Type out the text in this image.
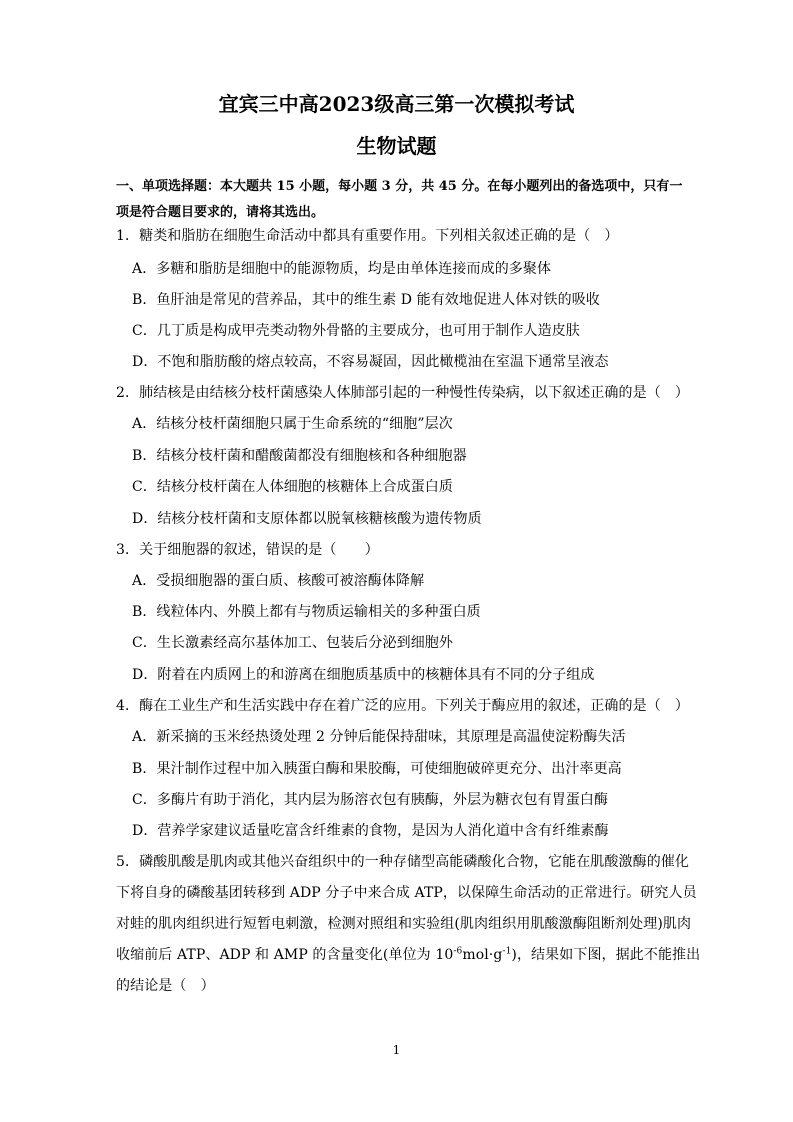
宜宾三中高2023级高三第一次模拟考试
生物试题
一、单项选择题：本大题共 15 小题，每小题 3 分，共 45 分。在每小题列出的备选项中，只有一
项是符合题目要求的，请将其选出。
1．糖类和脂肪在细胞生命活动中都具有重要作用。下列相关叙述正确的是（　）
A．多糖和脂肪是细胞中的能源物质，均是由单体连接而成的多聚体
B．鱼肝油是常见的营养品，其中的维生素 D 能有效地促进人体对铁的吸收
C．几丁质是构成甲壳类动物外骨骼的主要成分，也可用于制作人造皮肤
D．不饱和脂肪酸的熔点较高，不容易凝固，因此橄榄油在室温下通常呈液态
2．肺结核是由结核分枝杆菌感染人体肺部引起的一种慢性传染病，以下叙述正确的是（　）
A．结核分枝杆菌细胞只属于生命系统的“细胞”层次
B．结核分枝杆菌和醋酸菌都没有细胞核和各种细胞器
C．结核分枝杆菌在人体细胞的核糖体上合成蛋白质
D．结核分枝杆菌和支原体都以脱氧核糖核酸为遗传物质
3．关于细胞器的叙述，错误的是（　　）
A．受损细胞器的蛋白质、核酸可被溶酶体降解
B．线粒体内、外膜上都有与物质运输相关的多种蛋白质
C．生长激素经高尔基体加工、包装后分泌到细胞外
D．附着在内质网上的和游离在细胞质基质中的核糖体具有不同的分子组成
4．酶在工业生产和生活实践中存在着广泛的应用。下列关于酶应用的叙述，正确的是（　）
A．新采摘的玉米经热烫处理 2 分钟后能保持甜味，其原理是高温使淀粉酶失活
B．果汁制作过程中加入胰蛋白酶和果胶酶，可使细胞破碎更充分、出汁率更高
C．多酶片有助于消化，其内层为肠溶衣包有胰酶，外层为糖衣包有胃蛋白酶
D．营养学家建议适量吃富含纤维素的食物，是因为人消化道中含有纤维素酶
5．磷酸肌酸是肌肉或其他兴奋组织中的一种存储型高能磷酸化合物，它能在肌酸激酶的催化
下将自身的磷酸基团转移到 ADP 分子中来合成 ATP，以保障生命活动的正常进行。研究人员
对蛙的肌肉组织进行短暂电刺激，检测对照组和实验组(肌肉组织用肌酸激酶阻断剂处理)肌肉
收缩前后 ATP、ADP 和 AMP 的含量变化(单位为 $10^{-6}mol\cdot g^{-1}$)，结果如下图，据此不能推出
的结论是（　）
1
